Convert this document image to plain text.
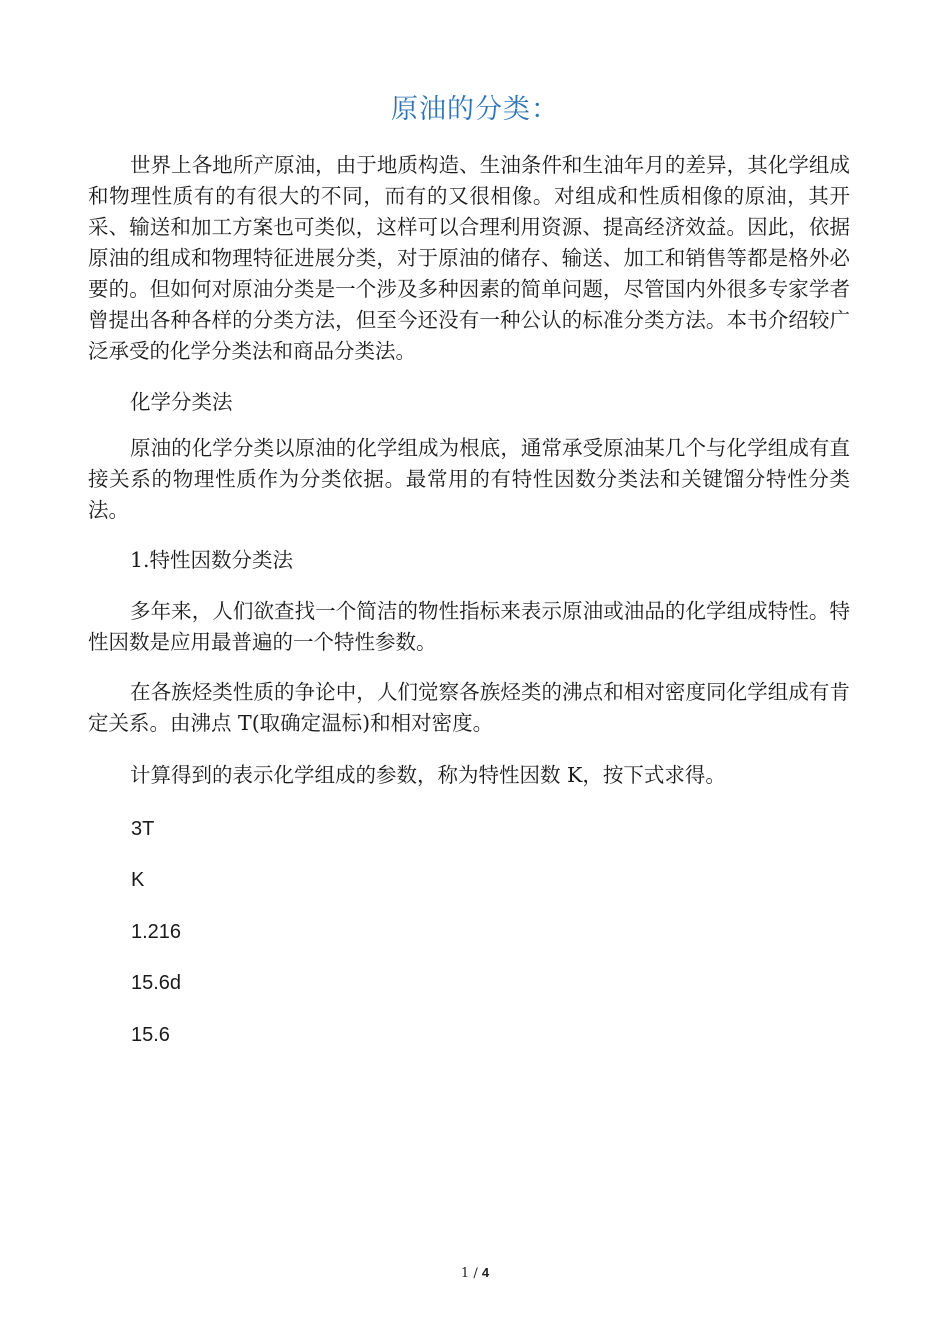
原油的分类：
世界上各地所产原油，由于地质构造、生油条件和生油年月的差异，其化学组成和物理性质有的有很大的不同，而有的又很相像。对组成和性质相像的原油，其开采、输送和加工方案也可类似，这样可以合理利用资源、提高经济效益。因此，依据原油的组成和物理特征进展分类，对于原油的储存、输送、加工和销售等都是格外必要的。但如何对原油分类是一个涉及多种因素的简单问题，尽管国内外很多专家学者曾提出各种各样的分类方法，但至今还没有一种公认的标准分类方法。本书介绍较广泛承受的化学分类法和商品分类法。
化学分类法
原油的化学分类以原油的化学组成为根底，通常承受原油某几个与化学组成有直接关系的物理性质作为分类依据。最常用的有特性因数分类法和关键馏分特性分类法。
1.特性因数分类法
多年来，人们欲查找一个简洁的物性指标来表示原油或油品的化学组成特性。特性因数是应用最普遍的一个特性参数。
在各族烃类性质的争论中，人们觉察各族烃类的沸点和相对密度同化学组成有肯定关系。由沸点 T(取确定温标)和相对密度。
计算得到的表示化学组成的参数，称为特性因数 K，按下式求得。
3T
K
1.216
15.6d
15.6
1 / 4
